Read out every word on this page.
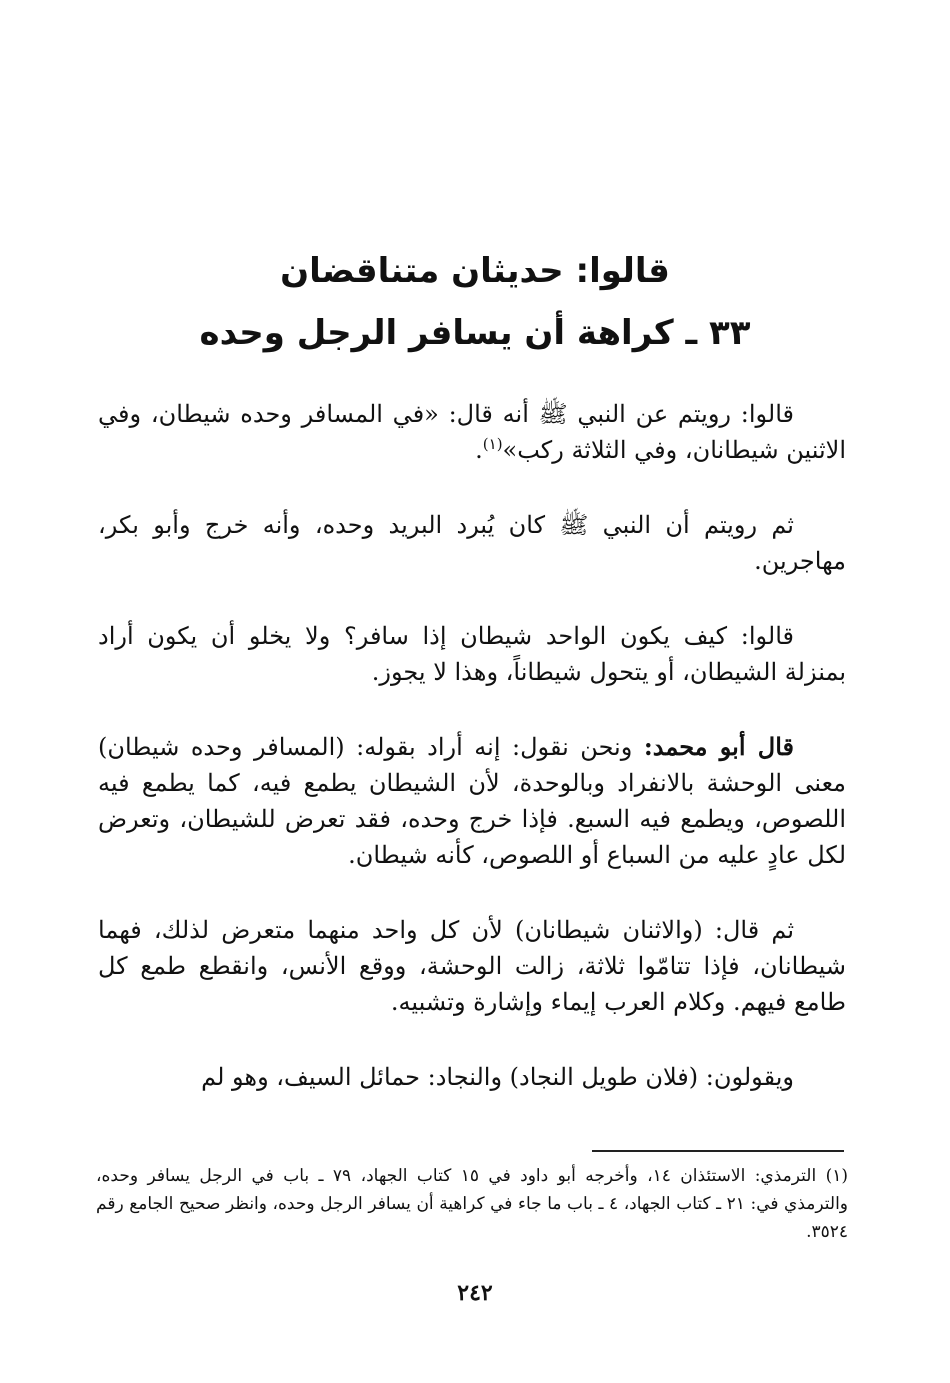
قالوا: حديثان متناقضان

٣٣ ـ كراهة أن يسافر الرجل وحده

قالوا: رويتم عن النبي ﷺ أنه قال: «في المسافر وحده شيطان، وفي الاثنين شيطانان، وفي الثلاثة ركب»$^{(١)}$.

ثم رويتم أن النبي ﷺ كان يُبرد البريد وحده، وأنه خرج وأبو بكر، مهاجرين.

قالوا: كيف يكون الواحد شيطان إذا سافر؟ ولا يخلو أن يكون أراد بمنزلة الشيطان، أو يتحول شيطاناً، وهذا لا يجوز.

قال أبو محمد: ونحن نقول: إنه أراد بقوله: (المسافر وحده شيطان) معنى الوحشة بالانفراد وبالوحدة، لأن الشيطان يطمع فيه، كما يطمع فيه اللصوص، ويطمع فيه السبع. فإذا خرج وحده، فقد تعرض للشيطان، وتعرض لكل عادٍ عليه من السباع أو اللصوص، كأنه شيطان.

ثم قال: (والاثنان شيطانان) لأن كل واحد منهما متعرض لذلك، فهما شيطانان، فإذا تتامّوا ثلاثة، زالت الوحشة، ووقع الأنس، وانقطع طمع كل طامع فيهم. وكلام العرب إيماء وإشارة وتشبيه.

ويقولون: (فلان طويل النجاد) والنجاد: حمائل السيف، وهو لم

(١) الترمذي: الاستئذان ١٤، وأخرجه أبو داود في ١٥ كتاب الجهاد، ٧٩ ـ باب في الرجل يسافر وحده، والترمذي في: ٢١ ـ كتاب الجهاد، ٤ ـ باب ما جاء في كراهية أن يسافر الرجل وحده، وانظر صحيح الجامع رقم ٣٥٢٤.

٢٤٢
